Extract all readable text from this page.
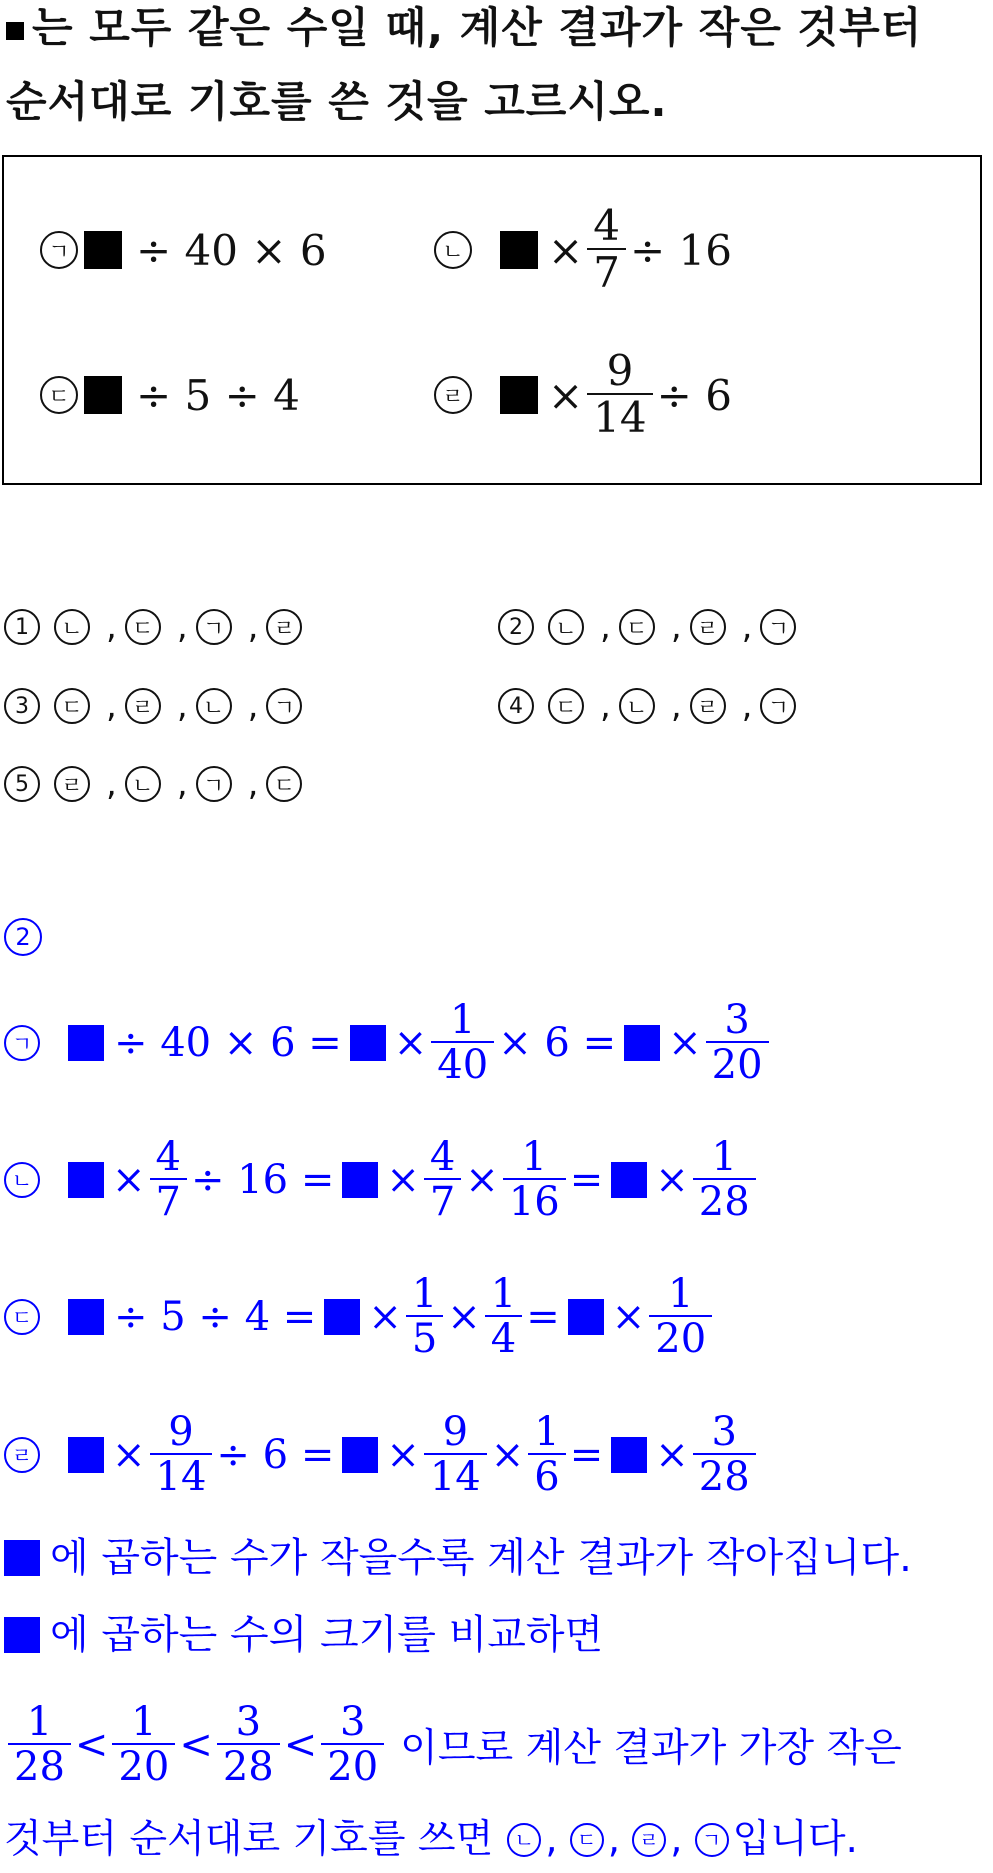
는 모두 같은 수일 때, 계산 결과가 작은 것부터
순서대로 기호를 쓴 것을 고르시오.
ㄱ ÷ 40 × 6	ㄴ × $\frac{4}{7} \div 16$
ㄷ ÷ 5 ÷ 4	ㄹ × $\frac{9}{14} \div 6$
1	ㄴ , ㄷ , ㄱ , ㄹ	2	ㄴ , ㄷ , ㄹ , ㄱ
3	ㄷ , ㄹ , ㄴ , ㄱ	4	ㄷ , ㄴ , ㄹ , ㄱ
5	ㄹ , ㄴ , ㄱ , ㄷ
2
ㄱ ÷ 40 × 6 = × $\frac{1}{40} \times 6$ = × $\frac{3}{20}$
ㄴ × $\frac{4}{7} \div 16$ = × $\frac{4}{7} \times \frac{1}{16}$ = × $\frac{1}{28}$
ㄷ ÷ 5 ÷ 4 = × $\frac{1}{5} \times \frac{1}{4}$ = × $\frac{1}{20}$
ㄹ × $\frac{9}{14} \div 6$ = × $\frac{9}{14} \times \frac{1}{6}$ = × $\frac{3}{28}$
에 곱하는 수가 작을수록 계산 결과가 작아집니다.
에 곱하는 수의 크기를 비교하면
$\frac{1}{28} < \frac{1}{20} < \frac{3}{28} < \frac{3}{20}$ 이므로 계산 결과가 가장 작은
것부터 순서대로 기호를 쓰면	ㄴ , ㄷ , ㄹ , ㄱ 입니다.
